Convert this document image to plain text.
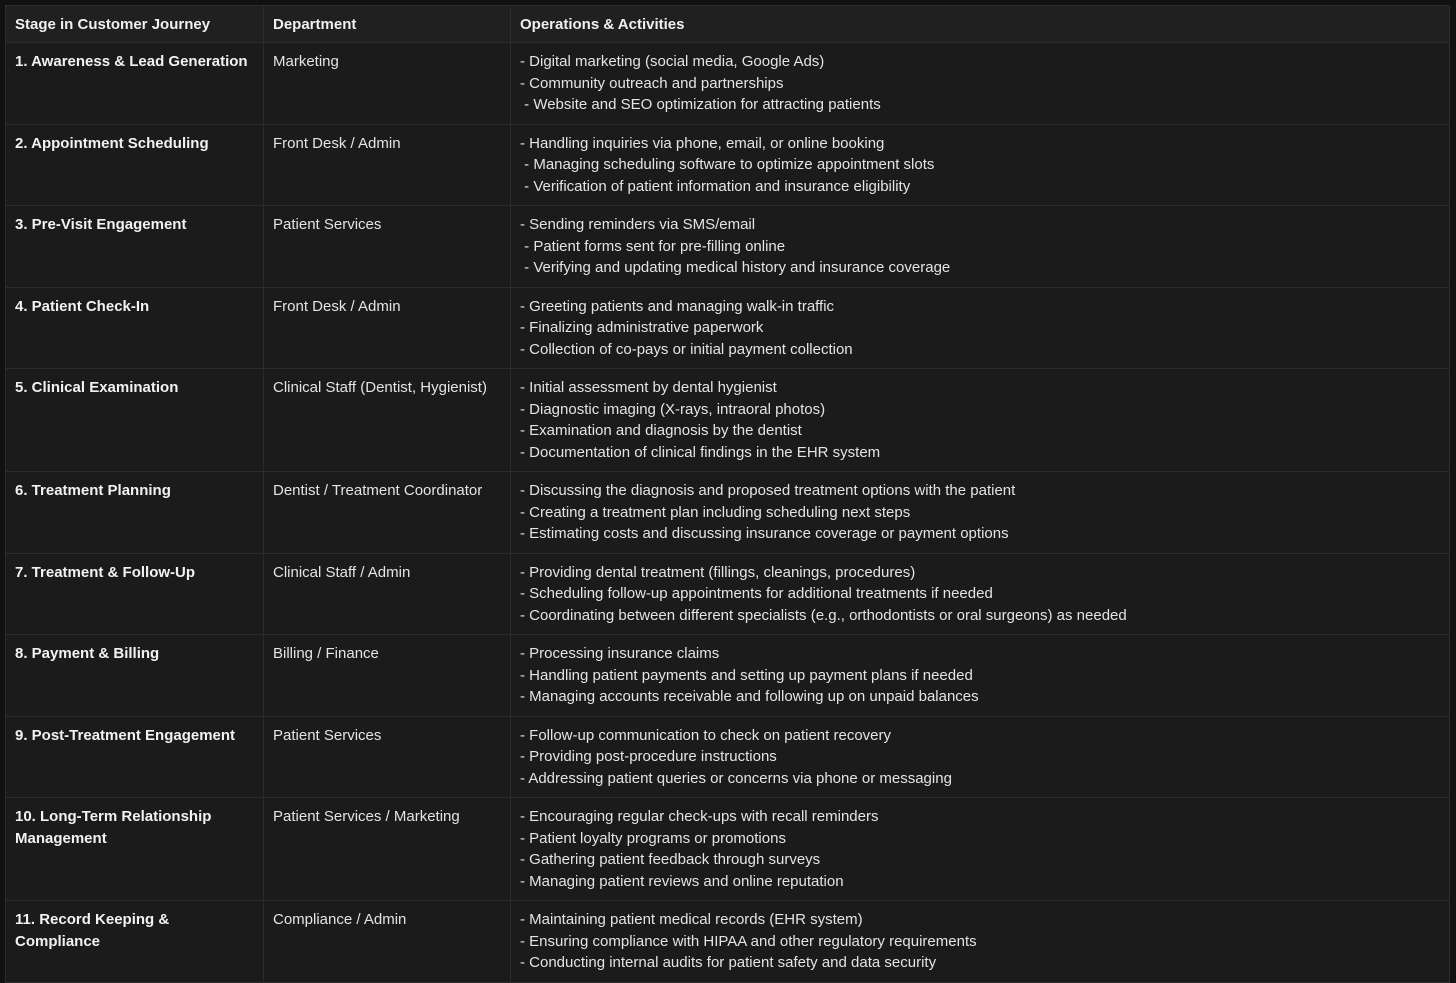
Stage in Customer Journey	Department	Operations & Activities
1. Awareness & Lead Generation	Marketing	- Digital marketing (social media, Google Ads)
- Community outreach and partnerships
- Website and SEO optimization for attracting patients

2. Appointment Scheduling	Front Desk / Admin	- Handling inquiries via phone, email, or online booking
- Managing scheduling software to optimize appointment slots
- Verification of patient information and insurance eligibility

3. Pre-Visit Engagement	Patient Services	- Sending reminders via SMS/email
- Patient forms sent for pre-filling online
- Verifying and updating medical history and insurance coverage

4. Patient Check-In	Front Desk / Admin	- Greeting patients and managing walk-in traffic
- Finalizing administrative paperwork
- Collection of co-pays or initial payment collection

5. Clinical Examination	Clinical Staff (Dentist, Hygienist)	- Initial assessment by dental hygienist
- Diagnostic imaging (X-rays, intraoral photos)
- Examination and diagnosis by the dentist
- Documentation of clinical findings in the EHR system

6. Treatment Planning	Dentist / Treatment Coordinator	- Discussing the diagnosis and proposed treatment options with the patient
- Creating a treatment plan including scheduling next steps
- Estimating costs and discussing insurance coverage or payment options

7. Treatment & Follow-Up	Clinical Staff / Admin	- Providing dental treatment (fillings, cleanings, procedures)
- Scheduling follow-up appointments for additional treatments if needed
- Coordinating between different specialists (e.g., orthodontists or oral surgeons) as needed

8. Payment & Billing	Billing / Finance	- Processing insurance claims
- Handling patient payments and setting up payment plans if needed
- Managing accounts receivable and following up on unpaid balances

9. Post-Treatment Engagement	Patient Services	- Follow-up communication to check on patient recovery
- Providing post-procedure instructions
- Addressing patient queries or concerns via phone or messaging

10. Long-Term Relationship Management	Patient Services / Marketing	- Encouraging regular check-ups with recall reminders
- Patient loyalty programs or promotions
- Gathering patient feedback through surveys
- Managing patient reviews and online reputation

11. Record Keeping & Compliance	Compliance / Admin	- Maintaining patient medical records (EHR system)
- Ensuring compliance with HIPAA and other regulatory requirements
- Conducting internal audits for patient safety and data security
